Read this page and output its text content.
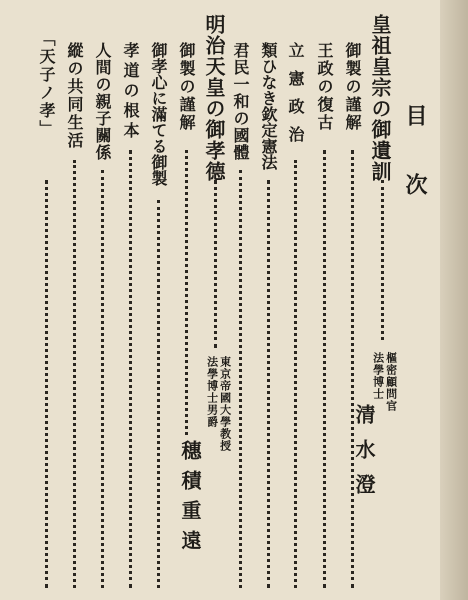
目　　次
皇祖皇宗の御遺訓
樞密顧問官
法學博士
清水澄
御製の謹解
王政の復古
立憲政治
類ひなき欽定憲法
君民一和の國體
明治天皇の御孝德
東京帝國大學教授
法學博士男爵
穗積重遠
御製の謹解
御孝心に滿てる御製
孝道の根本
人間の親子關係
縱の共同生活
「天子ノ孝」
